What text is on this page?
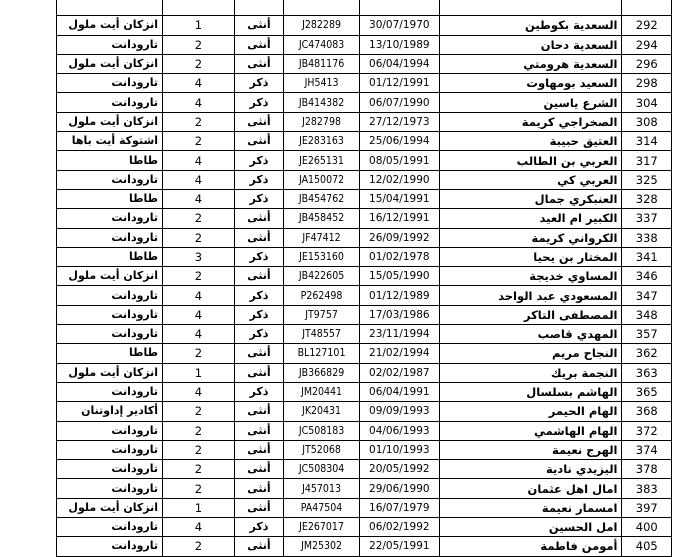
انزكان أيت ملول	1	أنثى	J282289	30/07/1970	السعدية بكوطين	292
تارودانت	2	أنثى	JC474083	13/10/1989	السعدية دحان	294
انزكان أيت ملول	2	أنثى	JB481176	06/04/1994	السعدية هرومتي	296
تارودانت	4	ذكر	JH5413	01/12/1991	السعيد بومهاوت	298
تارودانت	4	ذكر	JB414382	06/07/1990	الشرع ياسين	304
انزكان أيت ملول	2	أنثى	J282798	27/12/1973	الصخراجي كريمة	308
اشتوكة أيت باها	2	أنثى	JE283163	25/06/1994	العتيق حبيبة	314
طاطا	4	ذكر	JE265131	08/05/1991	العربي بن الطالب	317
تارودانت	4	ذكر	JA150072	12/02/1990	العربي كي	325
طاطا	4	ذكر	JB454762	15/04/1991	العنبكري جمال	328
تارودانت	2	أنثى	JB458452	16/12/1991	الكبير ام العيد	337
تارودانت	2	أنثى	JF47412	26/09/1992	الكرواني كريمة	338
طاطا	3	ذكر	JE153160	01/02/1978	المختار بن يحيا	341
انزكان أيت ملول	2	أنثى	JB422605	15/05/1990	المساوي خديجة	346
تارودانت	4	ذكر	P262498	01/12/1989	المسعودي عبد الواحد	347
تارودانت	4	ذكر	JT9757	17/03/1986	المصطفى التاكر	348
تارودانت	4	ذكر	JT48557	23/11/1994	المهدي قاصب	357
طاطا	2	أنثى	BL127101	21/02/1994	النجاح مريم	362
انزكان أيت ملول	1	أنثى	JB366829	02/02/1987	النجمة بريك	363
تارودانت	4	ذكر	JM20441	06/04/1991	الهاشم بسلسال	365
أكادير إداوتنان	2	أنثى	JK20431	09/09/1993	الهام الحيمر	368
تارودانت	2	أنثى	JC508183	04/06/1993	الهام الهاشمي	372
تارودانت	2	أنثى	JT52068	01/10/1993	الهرج نعيمة	374
تارودانت	2	أنثى	JC508304	20/05/1992	اليزيدي نادية	378
تارودانت	2	أنثى	J457013	29/06/1990	امال اهل عثمان	383
انزكان أيت ملول	1	أنثى	PA47504	16/07/1979	امسمار نعيمة	397
تارودانت	4	ذكر	JE267017	06/02/1992	امل الحسين	400
تارودانت	2	أنثى	JM25302	22/05/1991	أمومن فاطمة	405
